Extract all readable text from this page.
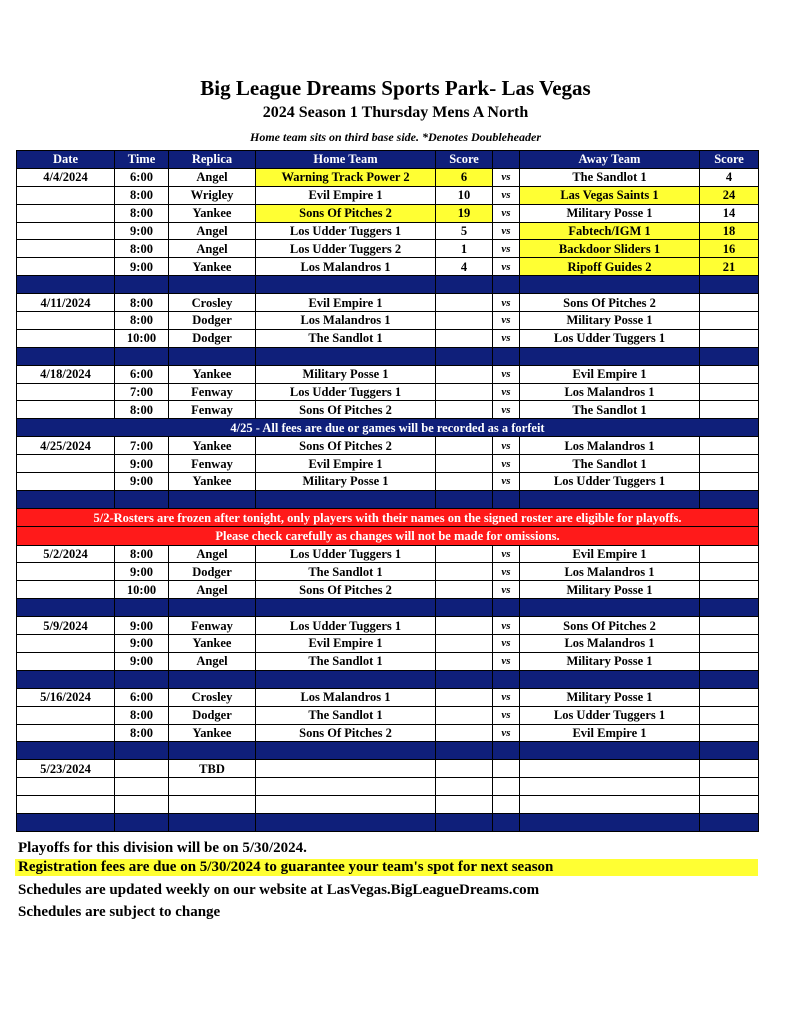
Big League Dreams Sports Park- Las Vegas
2024 Season 1 Thursday Mens A North
Home team sits on third base side. *Denotes Doubleheader
Date	Time	Replica	Home Team	Score		Away Team	Score
4/4/2024	6:00	Angel	Warning Track Power 2	6	vs	The Sandlot 1	4
	8:00	Wrigley	Evil Empire 1	10	vs	Las Vegas Saints 1	24
	8:00	Yankee	Sons Of Pitches 2	19	vs	Military Posse 1	14
	9:00	Angel	Los Udder Tuggers 1	5	vs	Fabtech/IGM 1	18
	8:00	Angel	Los Udder Tuggers 2	1	vs	Backdoor Sliders 1	16
	9:00	Yankee	Los Malandros 1	4	vs	Ripoff Guides 2	21

4/11/2024	8:00	Crosley	Evil Empire 1		vs	Sons Of Pitches 2	
	8:00	Dodger	Los Malandros 1		vs	Military Posse 1	
	10:00	Dodger	The Sandlot 1		vs	Los Udder Tuggers 1	

4/18/2024	6:00	Yankee	Military Posse 1		vs	Evil Empire 1	
	7:00	Fenway	Los Udder Tuggers 1		vs	Los Malandros 1	
	8:00	Fenway	Sons Of Pitches 2		vs	The Sandlot 1	
4/25 - All fees are due or games will be recorded as a forfeit							
4/25/2024	7:00	Yankee	Sons Of Pitches 2		vs	Los Malandros 1	
	9:00	Fenway	Evil Empire 1		vs	The Sandlot 1	
	9:00	Yankee	Military Posse 1		vs	Los Udder Tuggers 1	

5/2-Rosters are frozen after tonight, only players with their names on the signed roster are eligible for playoffs.							
Please check carefully as changes will not be made for omissions.							
5/2/2024	8:00	Angel	Los Udder Tuggers 1		vs	Evil Empire 1	
	9:00	Dodger	The Sandlot 1		vs	Los Malandros 1	
	10:00	Angel	Sons Of Pitches 2		vs	Military Posse 1	

5/9/2024	9:00	Fenway	Los Udder Tuggers 1		vs	Sons Of Pitches 2	
	9:00	Yankee	Evil Empire 1		vs	Los Malandros 1	
	9:00	Angel	The Sandlot 1		vs	Military Posse 1	

5/16/2024	6:00	Crosley	Los Malandros 1		vs	Military Posse 1	
	8:00	Dodger	The Sandlot 1		vs	Los Udder Tuggers 1	
	8:00	Yankee	Sons Of Pitches 2		vs	Evil Empire 1	

5/23/2024		TBD					

Playoffs for this division will be on 5/30/2024.
Registration fees are due on 5/30/2024 to guarantee your team's spot for next season
Schedules are updated weekly on our website at LasVegas.BigLeagueDreams.com
Schedules are subject to change
